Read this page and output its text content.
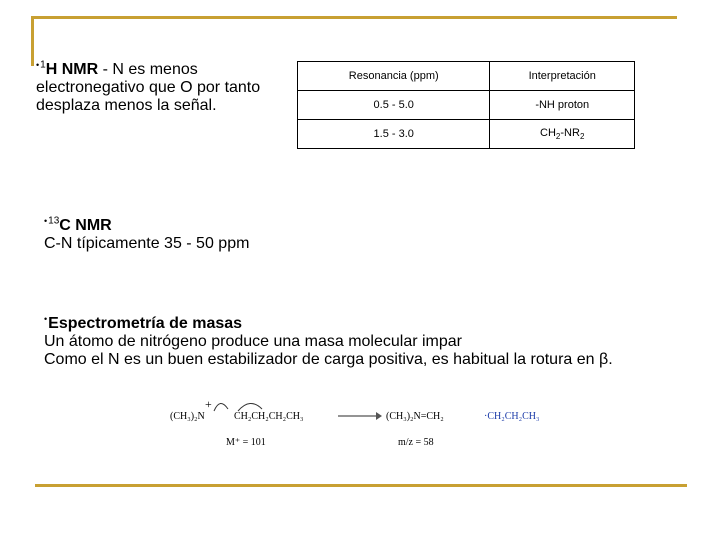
$^{•1}$H NMR - N es menos electronegativo que O por tanto desplaza menos la señal.
$^{•13}$C NMR
C-N típicamente 35 - 50 ppm
•Espectrometría de masas
Un átomo de nitrógeno produce una masa molecular impar
Como el N es un buen estabilizador de carga positiva, es habitual la rotura en β.
Resonancia (ppm)	Interpretación
0.5 - 5.0	-NH proton
1.5 - 3.0	$CH_2-NR_2$
+
(CH₃)₂N	CH₂CH₂CH₂CH₃
M⁺ = 101
→ (CH₃)₂N=CH₂
m/z = 58
·CH₂CH₂CH₃
